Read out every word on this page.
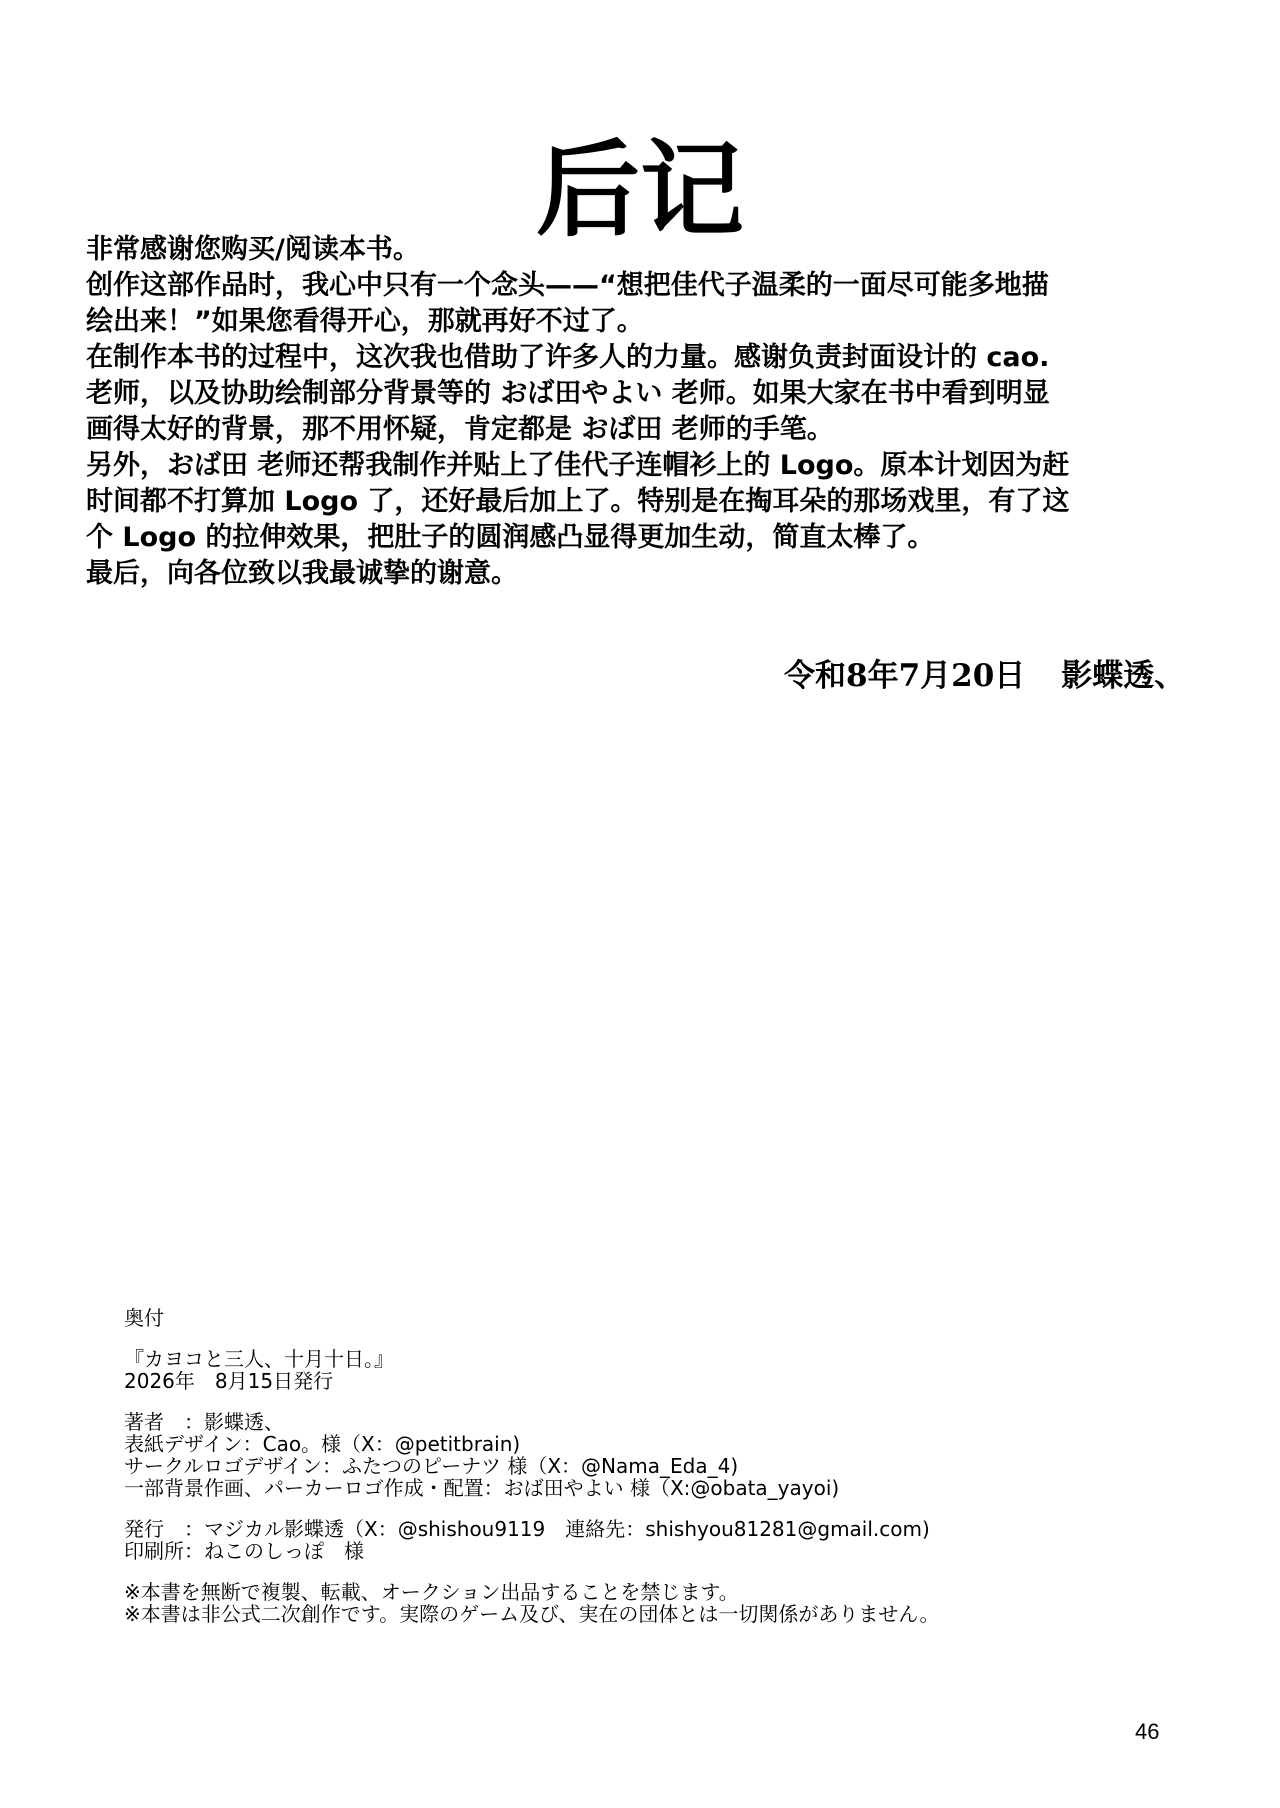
后记

非常感谢您购买/阅读本书。

创作这部作品时，我心中只有一个念头——“想把佳代子温柔的一面尽可能多地描

绘出来！”如果您看得开心，那就再好不过了。

在制作本书的过程中，这次我也借助了许多人的力量。感谢负责封面设计的 cao.

老师，以及协助绘制部分背景等的 おば田やよい 老师。如果大家在书中看到明显

画得太好的背景，那不用怀疑，肯定都是 おば田 老师的手笔。

另外，おば田 老师还帮我制作并贴上了佳代子连帽衫上的 Logo。原本计划因为赶

时间都不打算加 Logo 了，还好最后加上了。特别是在掏耳朵的那场戏里，有了这

个 Logo 的拉伸效果，把肚子的圆润感凸显得更加生动，简直太棒了。

最后，向各位致以我最诚挚的谢意。

令和8年7月20日 影蝶透、

奥付

『カヨコと三人、十月十日。』

2026年　8月15日発行

著者　：影蝶透、

表紙デザイン：Cao。様（X：@petitbrain)

サークルロゴデザイン：ふたつのピーナツ 様（X：@Nama_Eda_4)

一部背景作画、パーカーロゴ作成・配置：おば田やよい 様（X:@obata_yayoi)

発行　：マジカル影蝶透（X：@shishou9119　連絡先：shishyou81281@gmail.com)

印刷所：ねこのしっぽ　様

※本書を無断で複製、転載、オークション出品することを禁じます。

※本書は非公式二次創作です。実際のゲーム及び、実在の団体とは一切関係がありません。

46
